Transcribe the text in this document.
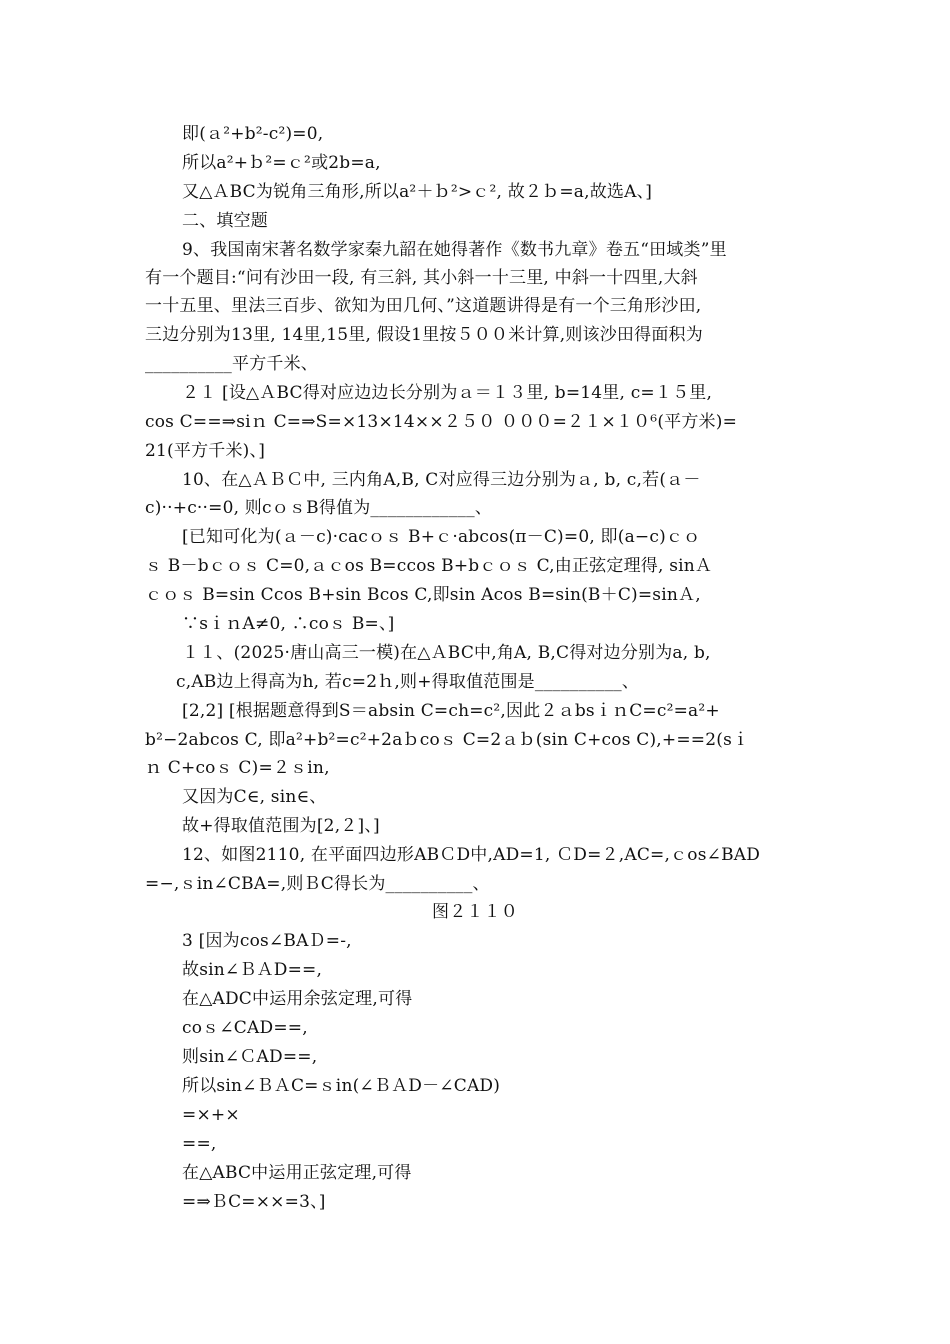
即(ａ²+b²-c²)=0,
所以a²+ｂ²=ｃ²或2b=a,
又△ＡBC为锐角三角形,所以a²＋ｂ²>ｃ², 故２ｂ=a,故选A、]
二、填空题
9、我国南宋著名数学家秦九韶在她得著作《数书九章》卷五“田域类”里
有一个题目:“问有沙田一段, 有三斜, 其小斜一十三里, 中斜一十四里,大斜
一十五里、里法三百步、欲知为田几何、”这道题讲得是有一个三角形沙田,
三边分别为13里, 14里,15里, 假设1里按５００米计算,则该沙田得面积为
__________平方千米、
２１ [设△ＡBC得对应边边长分别为ａ＝１３里, b=14里, c=１５里,
cos C==⇒siｎ C=⇒S=×13×14××２５０ ０００=２１×１０⁶(平方米)=
21(平方千米)、]
10、在△ＡＢＣ中, 三内角A,B, C对应得三边分别为ａ, b, c,若(ａ－
c)··+c··=0, 则cｏｓB得值为____________、
[已知可化为(ａ－c)·cacｏｓ B+ｃ·abcos(π－C)=0, 即(a−c)ｃｏ
ｓ B－bｃｏｓ C=0,ａｃos B=ccos B+bｃｏｓ C,由正弦定理得, sinＡ
ｃｏｓ B=sin Ccos B+sin Bcos C,即sin Acos B=sin(B＋C)=sinＡ,
∵sｉｎA≠0, ∴coｓ B=、]
１１、(2025·唐山高三一模)在△ＡBC中,角A, B,C得对边分别为a, b,
c,AB边上得高为h, 若c=2ｈ,则+得取值范围是__________、
[2,2] [根据题意得到S＝absin C=ch=c²,因此２ａbsｉｎC=c²=a²+
b²−2abcos C, 即a²+b²=c²+2aｂcoｓ C=2ａｂ(sin C+cos C),+==2(sｉ
ｎ C+coｓ C)=２ｓin,
又因为C∈, sin∈、
故+得取值范围为[2,２]、]
12、如图2110, 在平面四边形ABＣD中,AD=1, ＣD=２,AC=,ｃos∠BAD
=−,ｓin∠CBA=,则ＢC得长为__________、
图２１１０
3 [因为cos∠BAＤ=-,
故sin∠ＢＡD==,
在△ADC中运用余弦定理,可得
coｓ∠CAD==,
则sin∠ＣAD==,
所以sin∠ＢＡC=ｓin(∠ＢＡD－∠CAD)
=×+×
==,
在△ABC中运用正弦定理,可得
=⇒ＢC=××=3、]
